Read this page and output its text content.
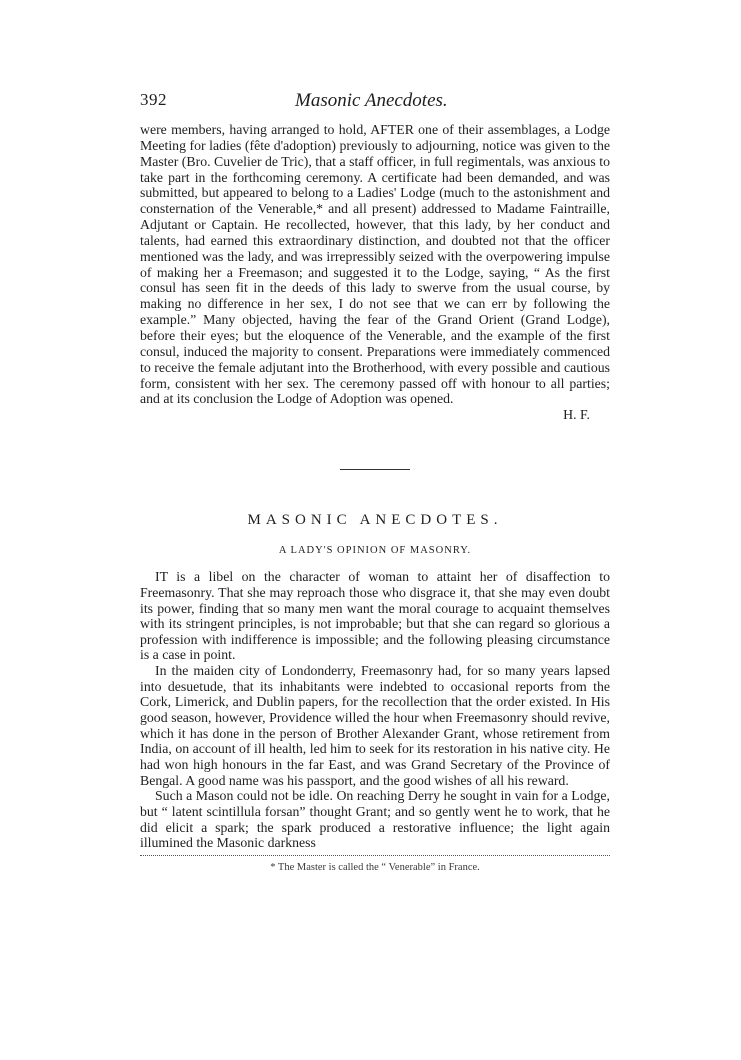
392	Masonic Anecdotes.

were members, having arranged to hold, AFTER one of their assemblages, a Lodge Meeting for ladies (fête d'adoption) previously to adjourning, notice was given to the Master (Bro. Cuvelier de Tric), that a staff officer, in full regimentals, was anxious to take part in the forthcoming ceremony. A certificate had been demanded, and was submitted, but appeared to belong to a Ladies' Lodge (much to the astonishment and consternation of the Venerable,* and all present) addressed to Madame Faintraille, Adjutant or Captain. He recollected, however, that this lady, by her conduct and talents, had earned this extraordinary distinction, and doubted not that the officer mentioned was the lady, and was irrepressibly seized with the overpowering impulse of making her a Freemason; and suggested it to the Lodge, saying, “ As the first consul has seen fit in the deeds of this lady to swerve from the usual course, by making no difference in her sex, I do not see that we can err by following the example.” Many objected, having the fear of the Grand Orient (Grand Lodge), before their eyes; but the eloquence of the Venerable, and the example of the first consul, induced the majority to consent. Preparations were immediately commenced to receive the female adjutant into the Brotherhood, with every possible and cautious form, consistent with her sex. The ceremony passed off with honour to all parties; and at its conclusion the Lodge of Adoption was opened.

H. F.

MASONIC ANECDOTES.
A LADY'S OPINION OF MASONRY.

IT is a libel on the character of woman to attaint her of disaffection to Freemasonry. That she may reproach those who disgrace it, that she may even doubt its power, finding that so many men want the moral courage to acquaint themselves with its stringent principles, is not improbable; but that she can regard so glorious a profession with indifference is impossible; and the following pleasing circumstance is a case in point.

In the maiden city of Londonderry, Freemasonry had, for so many years lapsed into desuetude, that its inhabitants were indebted to occasional reports from the Cork, Limerick, and Dublin papers, for the recollection that the order existed. In His good season, however, Providence willed the hour when Freemasonry should revive, which it has done in the person of Brother Alexander Grant, whose retirement from India, on account of ill health, led him to seek for its restoration in his native city. He had won high honours in the far East, and was Grand Secretary of the Province of Bengal. A good name was his passport, and the good wishes of all his reward.

Such a Mason could not be idle. On reaching Derry he sought in vain for a Lodge, but “ latent scintillula forsan” thought Grant; and so gently went he to work, that he did elicit a spark; the spark produced a restorative influence; the light again illumined the Masonic darkness

* The Master is called the “ Venerable” in France.
